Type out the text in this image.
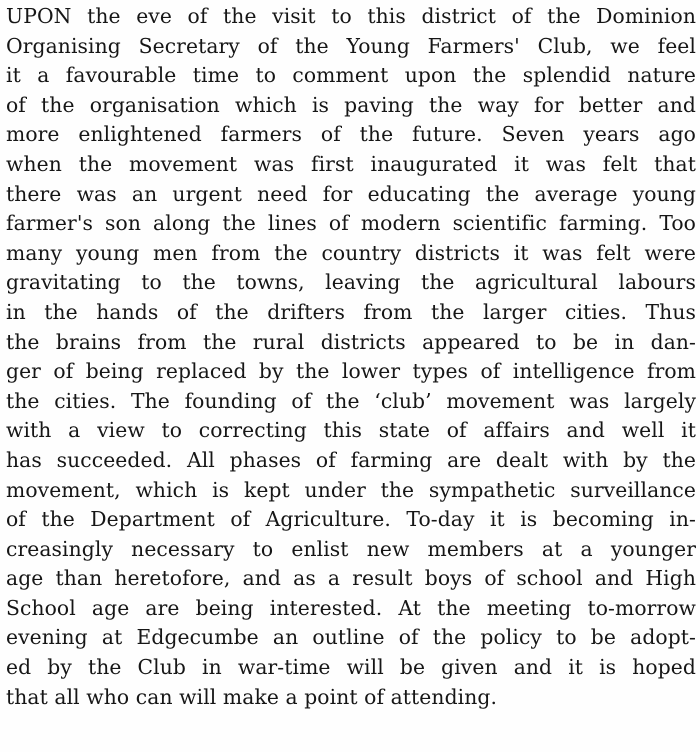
UPON the eve of the visit to this district of the Dominion
Organising Secretary of the Young Farmers' Club, we feel
it a favourable time to comment upon the splendid nature
of the organisation which is paving the way for better and
more enlightened farmers of the future. Seven years ago
when the movement was first inaugurated it was felt that
there was an urgent need for educating the average young
farmer's son along the lines of modern scientific farming. Too
many young men from the country districts it was felt were
gravitating to the towns, leaving the agricultural labours
in the hands of the drifters from the larger cities. Thus
the brains from the rural districts appeared to be in dan-
ger of being replaced by the lower types of intelligence from
the cities. The founding of the ‘club’ movement was largely
with a view to correcting this state of affairs and well it
has succeeded. All phases of farming are dealt with by the
movement, which is kept under the sympathetic surveillance
of the Department of Agriculture. To-day it is becoming in-
creasingly necessary to enlist new members at a younger
age than heretofore, and as a result boys of school and High
School age are being interested. At the meeting to-morrow
evening at Edgecumbe an outline of the policy to be adopt-
ed by the Club in war-time will be given and it is hoped
that all who can will make a point of attending.
